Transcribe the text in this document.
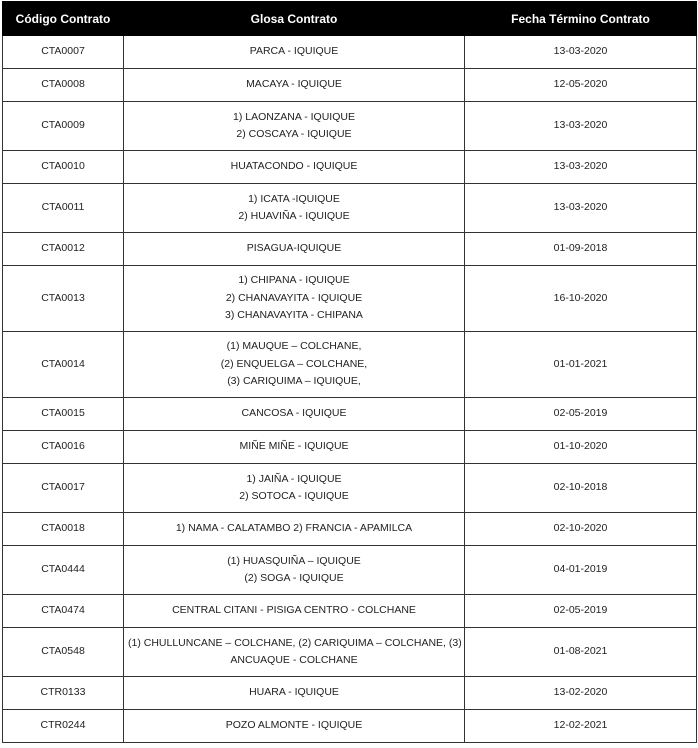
Código Contrato	Glosa Contrato	Fecha Término Contrato
CTA0007	PARCA - IQUIQUE	13-03-2020
CTA0008	MACAYA - IQUIQUE	12-05-2020
CTA0009	1) LAONZANA - IQUIQUE
2) COSCAYA - IQUIQUE	13-03-2020
CTA0010	HUATACONDO - IQUIQUE	13-03-2020
CTA0011	1) ICATA -IQUIQUE
2) HUAVIÑA - IQUIQUE	13-03-2020
CTA0012	PISAGUA-IQUIQUE	01-09-2018
CTA0013	1) CHIPANA - IQUIQUE
2) CHANAVAYITA - IQUIQUE
3) CHANAVAYITA - CHIPANA	16-10-2020
CTA0014	(1) MAUQUE – COLCHANE,
(2) ENQUELGA – COLCHANE,
(3) CARIQUIMA – IQUIQUE,	01-01-2021
CTA0015	CANCOSA - IQUIQUE	02-05-2019
CTA0016	MIÑE MIÑE - IQUIQUE	01-10-2020
CTA0017	1) JAIÑA - IQUIQUE
2) SOTOCA - IQUIQUE	02-10-2018
CTA0018	1) NAMA - CALATAMBO 2) FRANCIA - APAMILCA	02-10-2020
CTA0444	(1) HUASQUIÑA – IQUIQUE
(2) SOGA - IQUIQUE	04-01-2019
CTA0474	CENTRAL CITANI - PISIGA CENTRO - COLCHANE	02-05-2019
CTA0548	(1) CHULLUNCANE – COLCHANE, (2) CARIQUIMA – COLCHANE, (3)
ANCUAQUE - COLCHANE	01-08-2021
CTR0133	HUARA - IQUIQUE	13-02-2020
CTR0244	POZO ALMONTE - IQUIQUE	12-02-2021
